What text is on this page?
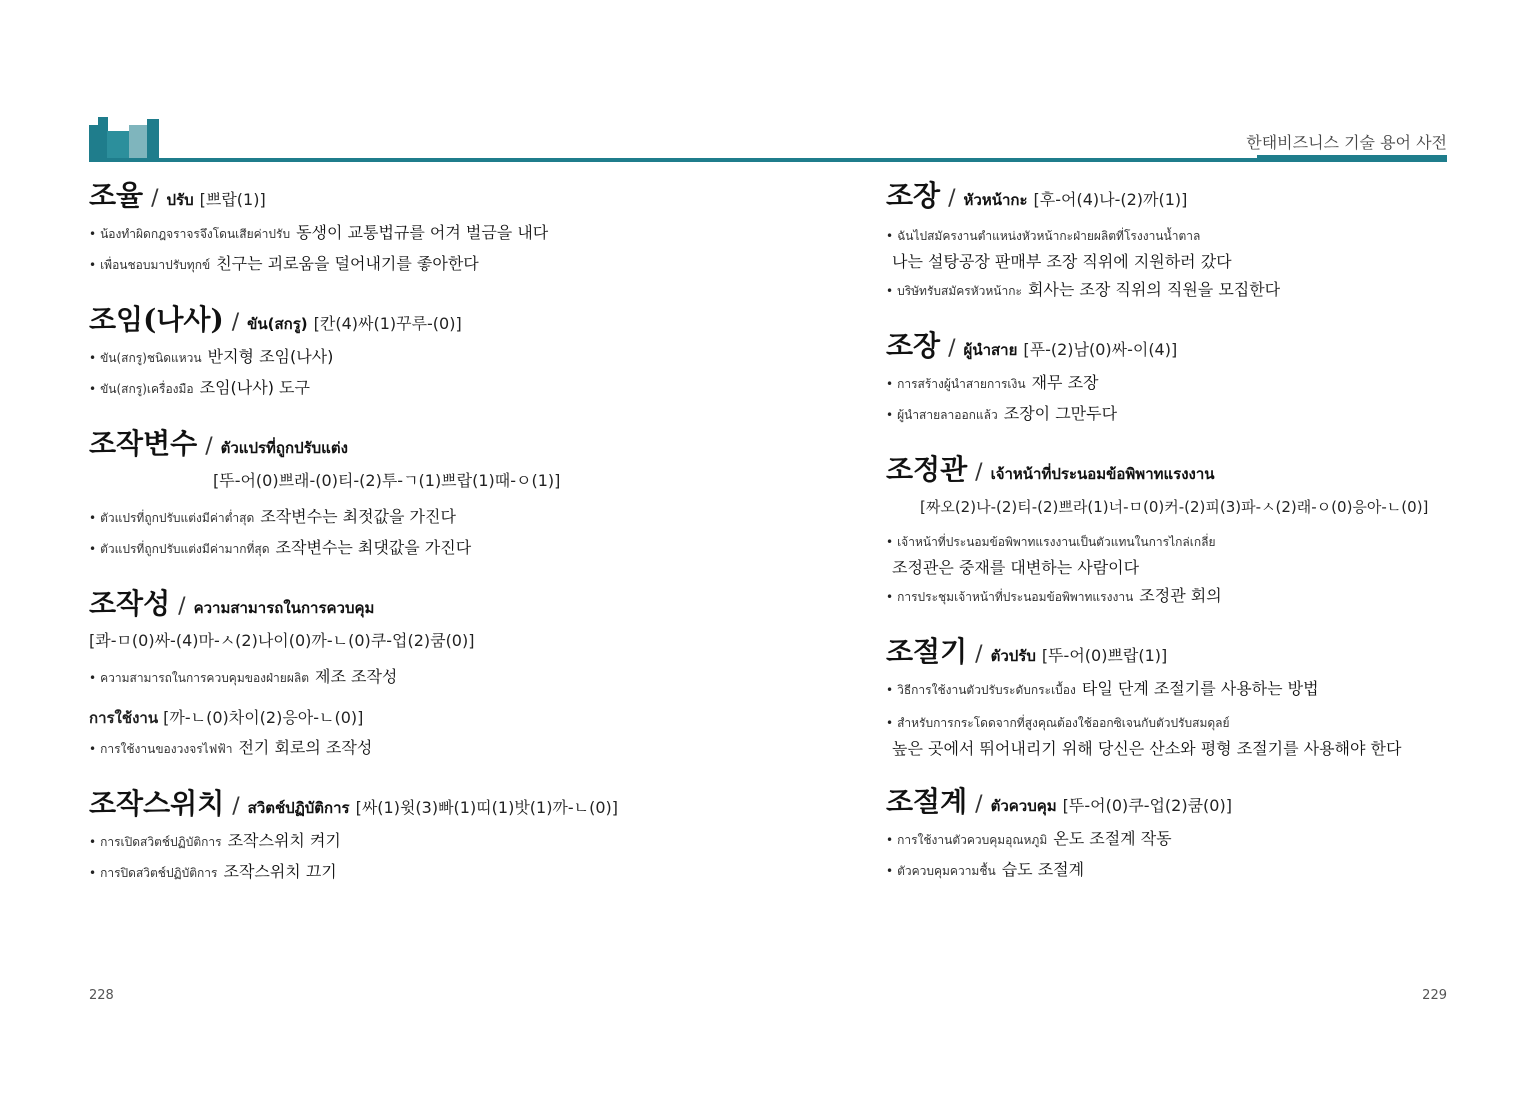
한태비즈니스 기술 용어 사전
조율 / ปรับ [쁘랍(1)]
• น้องทำผิดกฎจราจรจึงโดนเสียค่าปรับ 동생이 교통법규를 어겨 벌금을 내다
• เพื่อนชอบมาปรับทุกข์ 친구는 괴로움을 덜어내기를 좋아한다
조임(나사) / ขัน(สกรู) [칸(4)싸(1)꾸루-(0)]
• ขัน(สกรู)ชนิดแหวน 반지형 조임(나사)
• ขัน(สกรู)เครื่องมือ 조임(나사) 도구
조작변수 / ตัวแปรที่ถูกปรับแต่ง
[뚜-어(0)쁘래-(0)티-(2)투-ㄱ(1)쁘랍(1)때-ㅇ(1)]
• ตัวแปรที่ถูกปรับแต่งมีค่าต่ำสุด 조작변수는 최젓값을 가진다
• ตัวแปรที่ถูกปรับแต่งมีค่ามากที่สุด 조작변수는 최댓값을 가진다
조작성 / ความสามารถในการควบคุม
[콰-ㅁ(0)싸-(4)마-ㅅ(2)나이(0)까-ㄴ(0)쿠-업(2)쿰(0)]
• ความสามารถในการควบคุมของฝ่ายผลิต 제조 조작성
การใช้งาน [까-ㄴ(0)차이(2)응아-ㄴ(0)]
• การใช้งานของวงจรไฟฟ้า 전기 회로의 조작성
조작스위치 / สวิตช์ปฏิบัติการ [싸(1)윗(3)빠(1)띠(1)밧(1)까-ㄴ(0)]
• การเปิดสวิตช์ปฏิบัติการ 조작스위치 켜기
• การปิดสวิตช์ปฏิบัติการ 조작스위치 끄기
조장 / หัวหน้ากะ [후-어(4)나-(2)까(1)]
• ฉันไปสมัครงานตำแหน่งหัวหน้ากะฝ่ายผลิตที่โรงงานน้ำตาล
나는 설탕공장 판매부 조장 직위에 지원하러 갔다
• บริษัทรับสมัครหัวหน้ากะ 회사는 조장 직위의 직원을 모집한다
조장 / ผู้นำสาย [푸-(2)남(0)싸-이(4)]
• การสร้างผู้นำสายการเงิน 재무 조장
• ผู้นำสายลาออกแล้ว 조장이 그만두다
조정관 / เจ้าหน้าที่ประนอมข้อพิพาทแรงงาน
[짜오(2)나-(2)티-(2)쁘라(1)너-ㅁ(0)커-(2)피(3)파-ㅅ(2)래-ㅇ(0)응아-ㄴ(0)]
• เจ้าหน้าที่ประนอมข้อพิพาทแรงงานเป็นตัวแทนในการไกล่เกลี่ย
조정관은 중재를 대변하는 사람이다
• การประชุมเจ้าหน้าที่ประนอมข้อพิพาทแรงงาน 조정관 회의
조절기 / ตัวปรับ [뚜-어(0)쁘랍(1)]
• วิธีการใช้งานตัวปรับระดับกระเบื้อง 타일 단계 조절기를 사용하는 방법
• สำหรับการกระโดดจากที่สูงคุณต้องใช้ออกซิเจนกับตัวปรับสมดุลย์
높은 곳에서 뛰어내리기 위해 당신은 산소와 평형 조절기를 사용해야 한다
조절계 / ตัวควบคุม [뚜-어(0)쿠-업(2)쿰(0)]
• การใช้งานตัวควบคุมอุณหภูมิ 온도 조절계 작동
• ตัวควบคุมความชื้น 습도 조절계
228	229
